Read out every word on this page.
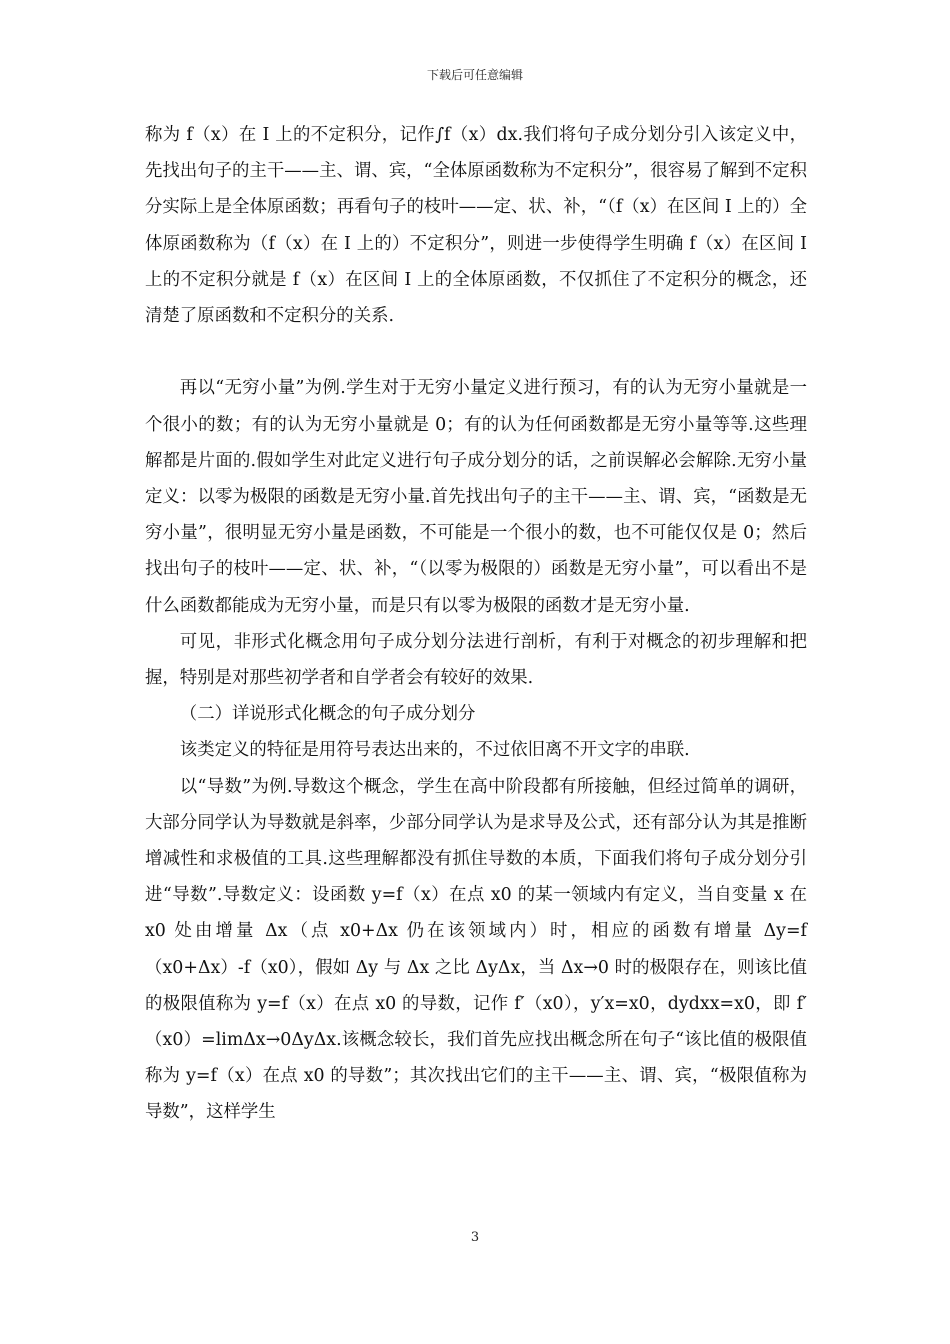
下载后可任意编辑

称为 f（x）在 I 上的不定积分，记作∫f（x）dx.我们将句子成分划分引入该定义中，先找出句子的主干——主、谓、宾，“全体原函数称为不定积分”，很容易了解到不定积分实际上是全体原函数；再看句子的枝叶——定、状、补，“（f（x）在区间 I 上的）全体原函数称为（f（x）在 I 上的）不定积分”，则进一步使得学生明确 f（x）在区间 I 上的不定积分就是 f（x）在区间 I 上的全体原函数，不仅抓住了不定积分的概念，还清楚了原函数和不定积分的关系.

再以“无穷小量”为例.学生对于无穷小量定义进行预习，有的认为无穷小量就是一个很小的数；有的认为无穷小量就是 0；有的认为任何函数都是无穷小量等等.这些理解都是片面的.假如学生对此定义进行句子成分划分的话，之前误解必会解除.无穷小量定义：以零为极限的函数是无穷小量.首先找出句子的主干——主、谓、宾，“函数是无穷小量”，很明显无穷小量是函数，不可能是一个很小的数，也不可能仅仅是 0；然后找出句子的枝叶——定、状、补，“（以零为极限的）函数是无穷小量”，可以看出不是什么函数都能成为无穷小量，而是只有以零为极限的函数才是无穷小量.

可见，非形式化概念用句子成分划分法进行剖析，有利于对概念的初步理解和把握，特别是对那些初学者和自学者会有较好的效果.

（二）详说形式化概念的句子成分划分

该类定义的特征是用符号表达出来的，不过依旧离不开文字的串联.

以“导数”为例.导数这个概念，学生在高中阶段都有所接触，但经过简单的调研，大部分同学认为导数就是斜率，少部分同学认为是求导及公式，还有部分认为其是推断增减性和求极值的工具.这些理解都没有抓住导数的本质，下面我们将句子成分划分引进“导数”.导数定义：设函数 y=f（x）在点 x0 的某一领域内有定义，当自变量 x 在 x0 处由增量 Δx（点 x0+Δx 仍在该领域内）时，相应的函数有增量 Δy=f（x0+Δx）-f（x0），假如 Δy 与 Δx 之比 ΔyΔx，当 Δx→0 时的极限存在，则该比值的极限值称为 y=f（x）在点 x0 的导数，记作 f′（x0），y′x=x0，dydxx=x0，即 f′（x0）=limΔx→0ΔyΔx.该概念较长，我们首先应找出概念所在句子“该比值的极限值称为 y=f（x）在点 x0 的导数”；其次找出它们的主干——主、谓、宾，“极限值称为导数”，这样学生

3
